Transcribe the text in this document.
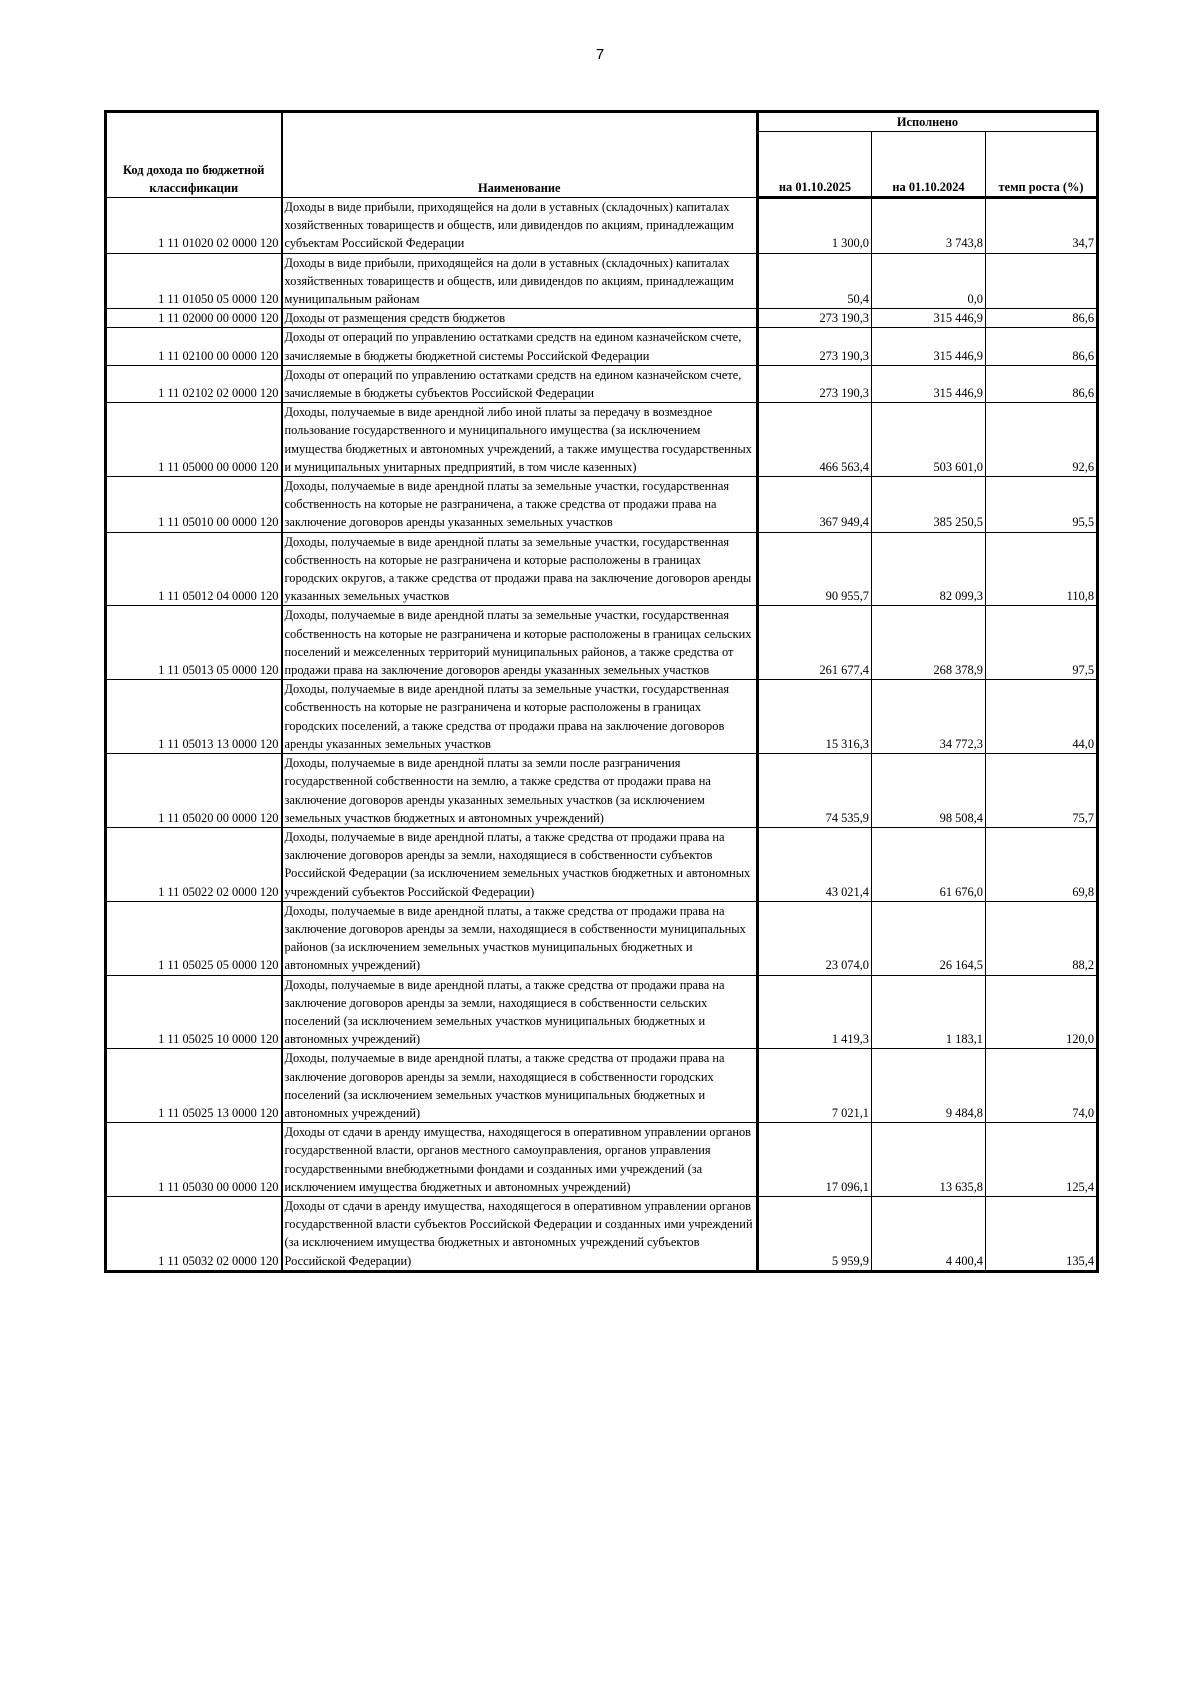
7
Код дохода по бюджетной классификации	Наименование	Исполнено		
		на 01.10.2025	на 01.10.2024	темп роста (%)
1 11 01020 02 0000 120	Доходы в виде прибыли, приходящейся на доли в уставных (складочных) капиталах хозяйственных товариществ и обществ, или дивидендов по акциям, принадлежащим субъектам Российской Федерации	1 300,0	3 743,8	34,7
1 11 01050 05 0000 120	Доходы в виде прибыли, приходящейся на доли в уставных (складочных) капиталах хозяйственных товариществ и обществ, или дивидендов по акциям, принадлежащим муниципальным районам	50,4	0,0	
1 11 02000 00 0000 120	Доходы от размещения средств бюджетов	273 190,3	315 446,9	86,6
1 11 02100 00 0000 120	Доходы от операций по управлению остатками средств на едином казначейском счете, зачисляемые в бюджеты бюджетной системы Российской Федерации	273 190,3	315 446,9	86,6
1 11 02102 02 0000 120	Доходы от операций по управлению остатками средств на едином казначейском счете, зачисляемые в бюджеты субъектов Российской Федерации	273 190,3	315 446,9	86,6
1 11 05000 00 0000 120	Доходы, получаемые в виде арендной либо иной платы за передачу в возмездное пользование государственного и муниципального имущества (за исключением имущества бюджетных и автономных учреждений, а также имущества государственных и муниципальных унитарных предприятий, в том числе казенных)	466 563,4	503 601,0	92,6
1 11 05010 00 0000 120	Доходы, получаемые в виде арендной платы за земельные участки, государственная собственность на которые не разграничена, а также средства от продажи права на заключение договоров аренды указанных земельных участков	367 949,4	385 250,5	95,5
1 11 05012 04 0000 120	Доходы, получаемые в виде арендной платы за земельные участки, государственная собственность на которые не разграничена и которые расположены в границах городских округов, а также средства от продажи права на заключение договоров аренды указанных земельных участков	90 955,7	82 099,3	110,8
1 11 05013 05 0000 120	Доходы, получаемые в виде арендной платы за земельные участки, государственная собственность на которые не разграничена и которые расположены в границах сельских поселений и межселенных территорий муниципальных районов, а также средства от продажи права на заключение договоров аренды указанных земельных участков	261 677,4	268 378,9	97,5
1 11 05013 13 0000 120	Доходы, получаемые в виде арендной платы за земельные участки, государственная собственность на которые не разграничена и которые расположены в границах городских поселений, а также средства от продажи права на заключение договоров аренды указанных земельных участков	15 316,3	34 772,3	44,0
1 11 05020 00 0000 120	Доходы, получаемые в виде арендной платы за земли после разграничения государственной собственности на землю, а также средства от продажи права на заключение договоров аренды указанных земельных участков (за исключением земельных участков бюджетных и автономных учреждений)	74 535,9	98 508,4	75,7
1 11 05022 02 0000 120	Доходы, получаемые в виде арендной платы, а также средства от продажи права на заключение договоров аренды за земли, находящиеся в собственности субъектов Российской Федерации (за исключением земельных участков бюджетных и автономных учреждений субъектов Российской Федерации)	43 021,4	61 676,0	69,8
1 11 05025 05 0000 120	Доходы, получаемые в виде арендной платы, а также средства от продажи права на заключение договоров аренды за земли, находящиеся в собственности муниципальных районов (за исключением земельных участков муниципальных бюджетных и автономных учреждений)	23 074,0	26 164,5	88,2
1 11 05025 10 0000 120	Доходы, получаемые в виде арендной платы, а также средства от продажи права на заключение договоров аренды за земли, находящиеся в собственности сельских поселений (за исключением земельных участков муниципальных бюджетных и автономных учреждений)	1 419,3	1 183,1	120,0
1 11 05025 13 0000 120	Доходы, получаемые в виде арендной платы, а также средства от продажи права на заключение договоров аренды за земли, находящиеся в собственности городских поселений (за исключением земельных участков муниципальных бюджетных и автономных учреждений)	7 021,1	9 484,8	74,0
1 11 05030 00 0000 120	Доходы от сдачи в аренду имущества, находящегося в оперативном управлении органов государственной власти, органов местного самоуправления, органов управления государственными внебюджетными фондами и созданных ими учреждений (за исключением имущества бюджетных и автономных учреждений)	17 096,1	13 635,8	125,4
1 11 05032 02 0000 120	Доходы от сдачи в аренду имущества, находящегося в оперативном управлении органов государственной власти субъектов Российской Федерации и созданных ими учреждений (за исключением имущества бюджетных и автономных учреждений субъектов Российской Федерации)	5 959,9	4 400,4	135,4
